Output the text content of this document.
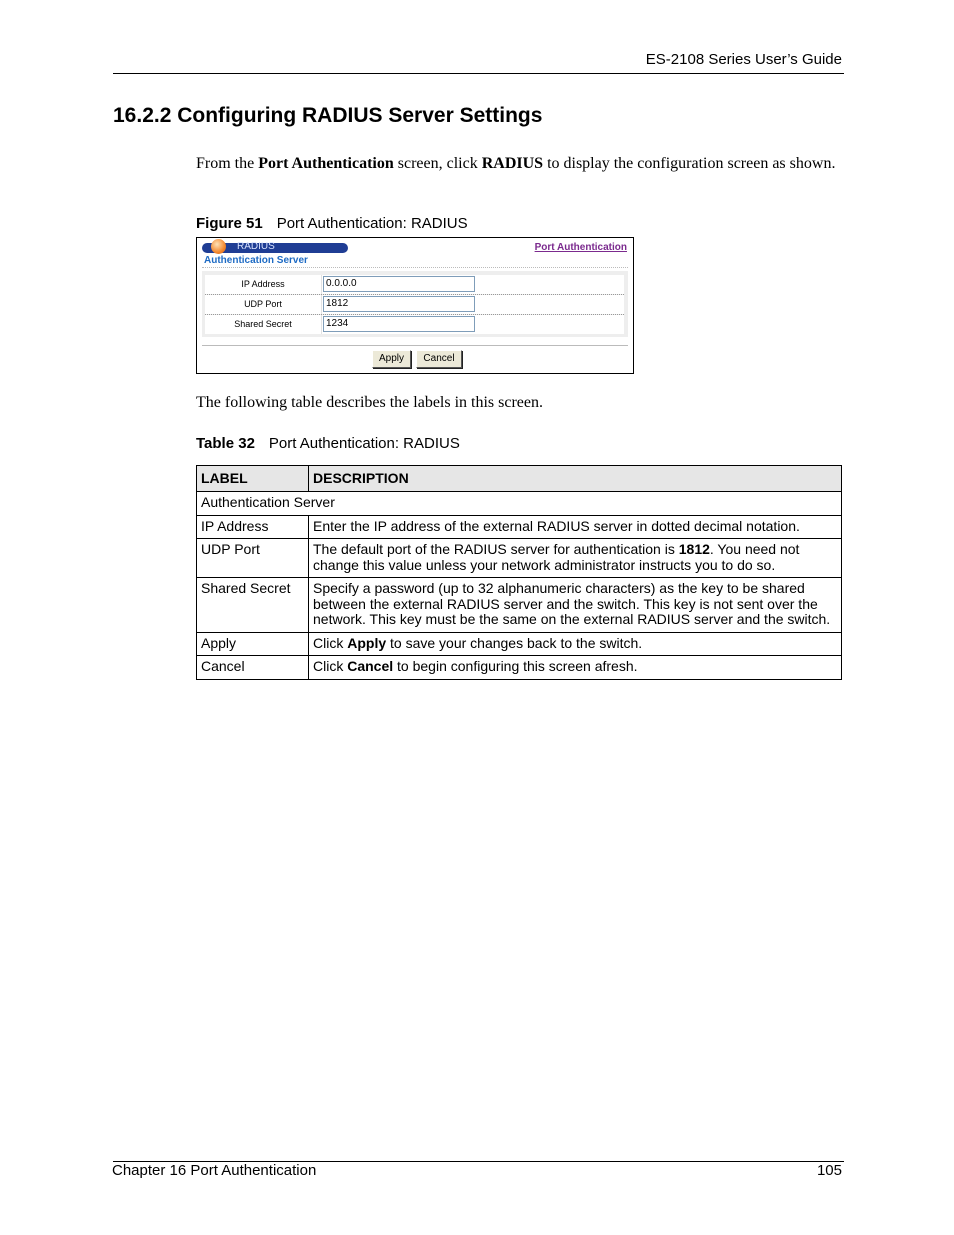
ES-2108 Series User’s Guide
16.2.2 Configuring RADIUS Server Settings
From the Port Authentication screen, click RADIUS to display the configuration screen as shown.
Figure 51 Port Authentication: RADIUS
RADIUS	Port Authentication
Authentication Server
IP Address	0.0.0.0
UDP Port	1812
Shared Secret	1234
Apply	Cancel
The following table describes the labels in this screen.
Table 32 Port Authentication: RADIUS
LABEL	DESCRIPTION
Authentication Server	
IP Address	Enter the IP address of the external RADIUS server in dotted decimal notation.
UDP Port	The default port of the RADIUS server for authentication is 1812. You need not change this value unless your network administrator instructs you to do so.
Shared Secret	Specify a password (up to 32 alphanumeric characters) as the key to be shared between the external RADIUS server and the switch. This key is not sent over the network. This key must be the same on the external RADIUS server and the switch.
Apply	Click Apply to save your changes back to the switch.
Cancel	Click Cancel to begin configuring this screen afresh.
Chapter 16 Port Authentication	105
